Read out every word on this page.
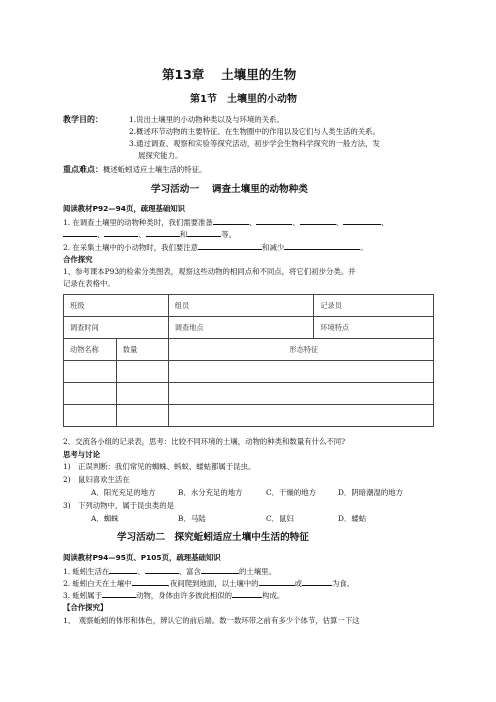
第13章　 土壤里的生物
第1节　土壤里的小动物
教学目的：	1.说出土壤里的小动物种类以及与环境的关系。
2.概述环节动物的主要特征、在生物圈中的作用以及它们与人类生活的关系。
3.通过调查、观察和实验等探究活动，初步学会生物科学探究的一般方法，发
展探究能力。
重点难点：概述蚯蚓适应土壤生活的特征。
学习活动一　 调查土壤里的动物种类
阅读教材P92—94页，疏理基础知识
1. 在调查土壤里的动物种类时，我们需要准备	、	、	、	、
、	、	和	等。
2. 在采集土壤中的小动物时，我们要注意	和减少	。
合作探究
1、参考课本P93的检索分类图表，观察这些动物的相同点和不同点，将它们初步分类。并
记录在表格中。
班级		组员	记录员
调查时间		调查地点	环境特点
动物名称	数量	形态特征	

2、交流各小组的记录表，思考：比较不同环境的土壤，动物的种类和数量有什么不同?
思考与讨论
1)　正误判断：我们常见的蜘蛛、蚂蚁、蝼蛄都属于昆虫。
2)　鼠妇喜欢生活在
A．阳光充足的地方	B．水分充足的地方	C．干燥的地方	D．阴暗潮湿的地方
3)　下列动物中，属于昆虫类的是
A．蜘蛛	B．马陆	C．鼠妇	D．蝼蛄
学习活动二　探究蚯蚓适应土壤中生活的特征
阅读教材P94—95页、P105页，疏理基础知识
1. 蚯蚓生活在	、	、富含	的土壤里。
2. 蚯蚓白天在土壤中	,夜间爬到地面，以土壤中的	或	为食。
3. 蚯蚓属于	动物，身体由许多彼此相似的	构成。
【合作探究】
1、　观察蚯蚓的体形和体色，辨认它的前后端。数一数环带之前有多少个体节，估算一下这
